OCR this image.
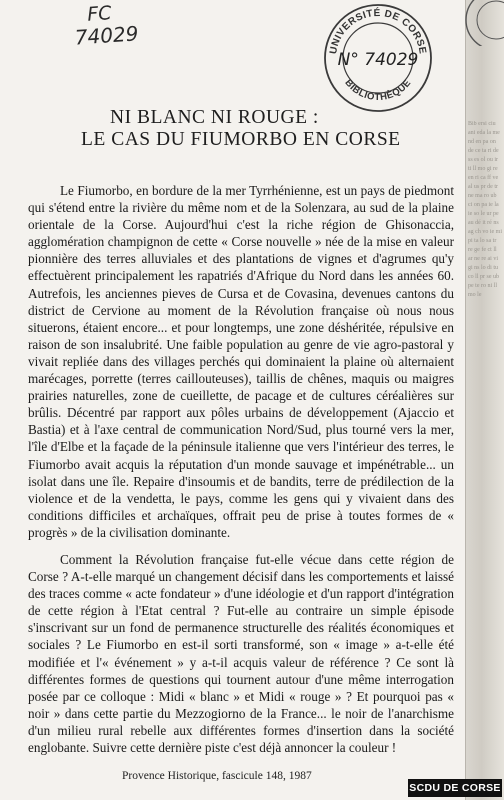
Bib ersi ciu ani eda la me nd en pa on de ce ta ri de ss es ol ou ir ti ll mo gi re en ri ca ff ve al us pr de tr ne ma ro ub ci on pa ie la ie so le ur pe au dé it ré ns ag ch vo ie mi pi ta lo sa tr re ge fe ct ll ar ne re ai vi gi ns lo di tu co ll pr se ub pe te ro ni ll mo le
FC
74029
UNIVERSITÉ DE CORSE
BIBLIOTHÈQUE
N° 74029
NI BLANC NI ROUGE :
LE CAS DU FIUMORBO EN CORSE

Le Fiumorbo, en bordure de la mer Tyrrhénienne, est un pays de piedmont qui s'étend entre la rivière du même nom et de la Solenzara, au sud de la plaine orientale de la Corse. Aujourd'hui c'est la riche région de Ghisonaccia, agglomération champignon de cette « Corse nouvelle » née de la mise en valeur pionnière des terres alluviales et des plantations de vignes et d'agrumes qu'y effectuèrent principalement les rapatriés d'Afrique du Nord dans les années 60. Autrefois, les anciennes pieves de Cursa et de Covasina, devenues cantons du district de Cervione au moment de la Révolution française où nous nous situerons, étaient encore... et pour longtemps, une zone déshéritée, répulsive en raison de son insalubrité. Une faible population au genre de vie agro-pastoral y vivait repliée dans des villages perchés qui dominaient la plaine où alternaient marécages, porrette (terres caillouteuses), taillis de chênes, maquis ou maigres prairies naturelles, zone de cueillette, de pacage et de cultures céréalières sur brûlis. Décentré par rapport aux pôles urbains de développement (Ajaccio et Bastia) et à l'axe central de communication Nord/Sud, plus tourné vers la mer, l'île d'Elbe et la façade de la péninsule italienne que vers l'intérieur des terres, le Fiumorbo avait acquis la réputation d'un monde sauvage et impénétrable... un isolat dans une île. Repaire d'insoumis et de bandits, terre de prédilection de la violence et de la vendetta, le pays, comme les gens qui y vivaient dans des conditions difficiles et archaïques, offrait peu de prise à toutes formes de « progrès » de la civilisation dominante.

Comment la Révolution française fut-elle vécue dans cette région de Corse ? A-t-elle marqué un changement décisif dans les comportements et laissé des traces comme « acte fondateur » d'une idéologie et d'un rapport d'intégration de cette région à l'Etat central ? Fut-elle au contraire un simple épisode s'inscrivant sur un fond de permanence structurelle des réalités économiques et sociales ? Le Fiumorbo en est-il sorti transformé, son « image » a-t-elle été modifiée et l'« événement » y a-t-il acquis valeur de référence ? Ce sont là différentes formes de questions qui tournent autour d'une même interrogation posée par ce colloque : Midi « blanc » et Midi « rouge » ? Et pourquoi pas « noir » dans cette partie du Mezzogiorno de la France... le noir de l'anarchisme d'un milieu rural rebelle aux différentes formes d'insertion dans la société englobante. Suivre cette dernière piste c'est déjà annoncer la couleur !

Provence Historique, fascicule 148, 1987
SCDU DE CORSE
